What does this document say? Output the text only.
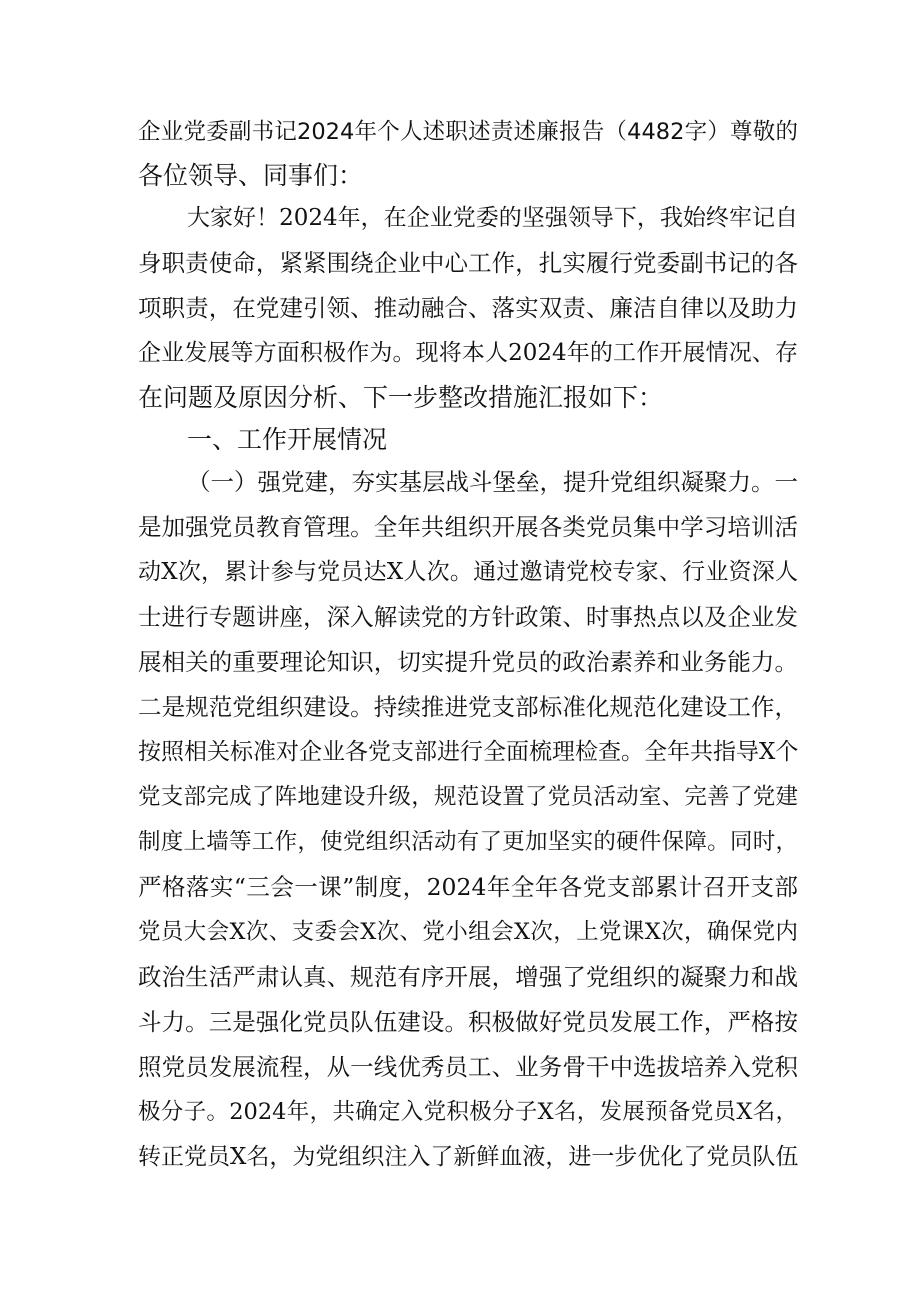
企业党委副书记2024年个人述职述责述廉报告（4482字）尊敬的
各位领导、同事们：
大家好！2024年，在企业党委的坚强领导下，我始终牢记自
身职责使命，紧紧围绕企业中心工作，扎实履行党委副书记的各
项职责，在党建引领、推动融合、落实双责、廉洁自律以及助力
企业发展等方面积极作为。现将本人2024年的工作开展情况、存
在问题及原因分析、下一步整改措施汇报如下：
一、工作开展情况
（一）强党建，夯实基层战斗堡垒，提升党组织凝聚力。一
是加强党员教育管理。全年共组织开展各类党员集中学习培训活
动X次，累计参与党员达X人次。通过邀请党校专家、行业资深人
士进行专题讲座，深入解读党的方针政策、时事热点以及企业发
展相关的重要理论知识，切实提升党员的政治素养和业务能力。
二是规范党组织建设。持续推进党支部标准化规范化建设工作，
按照相关标准对企业各党支部进行全面梳理检查。全年共指导X个
党支部完成了阵地建设升级，规范设置了党员活动室、完善了党建
制度上墙等工作，使党组织活动有了更加坚实的硬件保障。同时，
严格落实“三会一课”制度，2024年全年各党支部累计召开支部
党员大会X次、支委会X次、党小组会X次，上党课X次，确保党内
政治生活严肃认真、规范有序开展，增强了党组织的凝聚力和战
斗力。三是强化党员队伍建设。积极做好党员发展工作，严格按
照党员发展流程，从一线优秀员工、业务骨干中选拔培养入党积
极分子。2024年，共确定入党积极分子X名，发展预备党员X名，
转正党员X名，为党组织注入了新鲜血液，进一步优化了党员队伍
